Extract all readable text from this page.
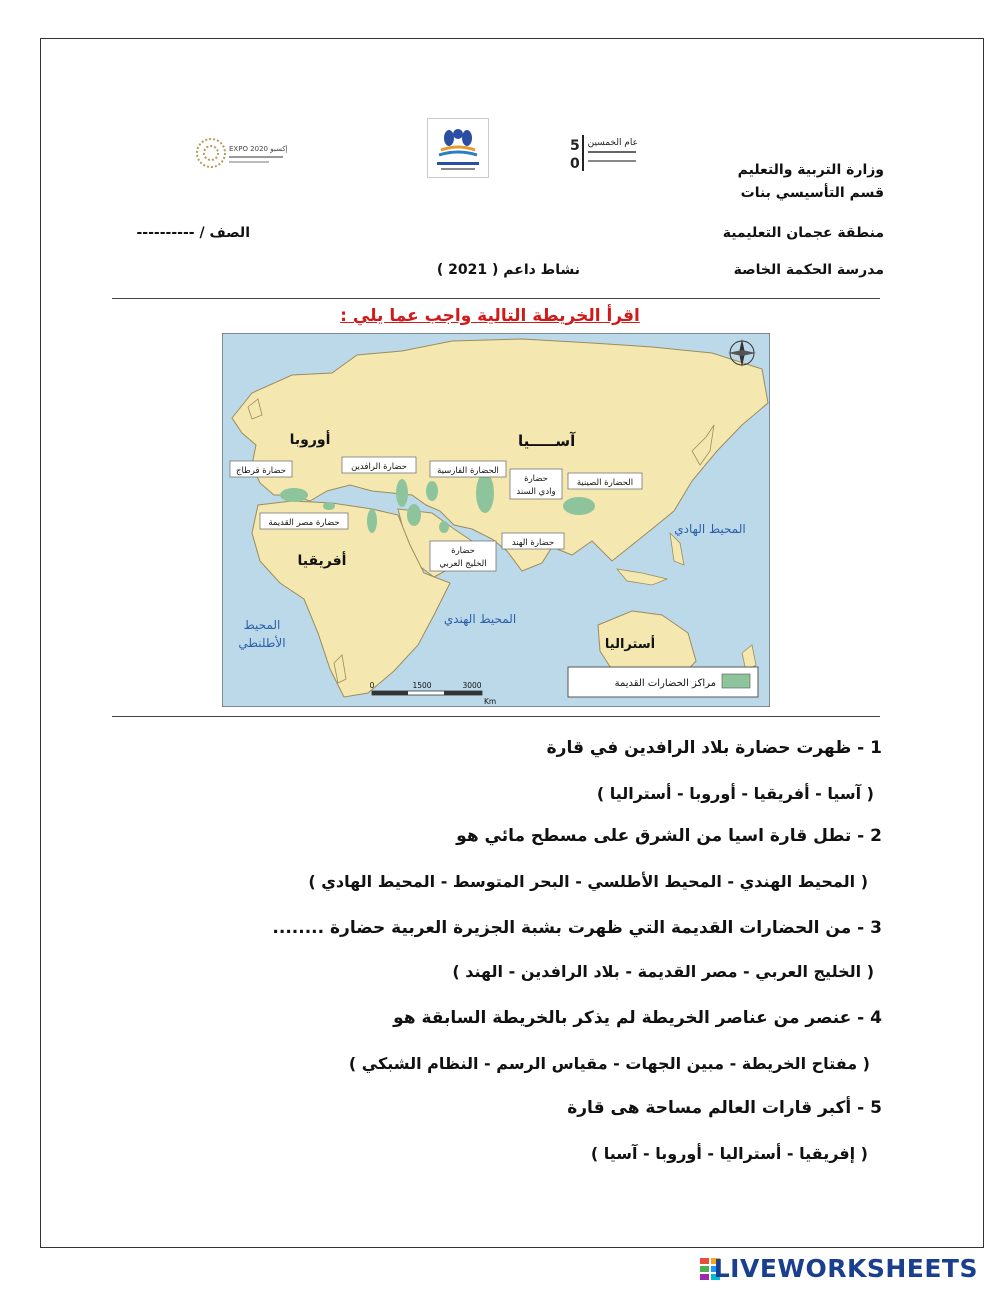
EXPO 2020 إكسبو	5
0
عام الخمسين
وزارة التربية والتعليم
قسم التأسيسي بنات
منطقة عجمان التعليمية
مدرسة الحكمة الخاصة
نشاط داعم ( 2021 )
الصف / ----------
اقرأ الخريطة التالية واجب عما يلي :
آســـــيا
أوروبا
أفريقيا
أستراليا
المحيط الهادي
المحيط الهندي
المحيط
الأطلنطي
حضارة قرطاج	حضارة الرافدين	الحضارة الفارسية
حضارة
وادي السند
الحضارة الصينية
حضارة مصر القديمة
حضارة
الخليج العربي
حضارة الهند
مراكز الحضارات القديمة
0	1500	3000
Km
1 - ظهرت حضارة بلاد الرافدين في قارة
( آسيا - أفريقيا - أوروبا - أستراليا )
2 - تطل قارة اسيا من الشرق على مسطح مائي هو
( المحيط الهندي - المحيط الأطلسي - البحر المتوسط - المحيط الهادي )
3 - من الحضارات القديمة التي ظهرت بشبة الجزيرة العربية حضارة ........
( الخليج العربي - مصر القديمة - بلاد الرافدين - الهند )
4 - عنصر من عناصر الخريطة لم يذكر بالخريطة السابقة هو
( مفتاح الخريطة - مبين الجهات - مقياس الرسم - النظام الشبكي )
5 - أكبر قارات العالم مساحة هى قارة
( إفريقيا - أستراليا - أوروبا - آسيا )
LIVEWORKSHEETS
